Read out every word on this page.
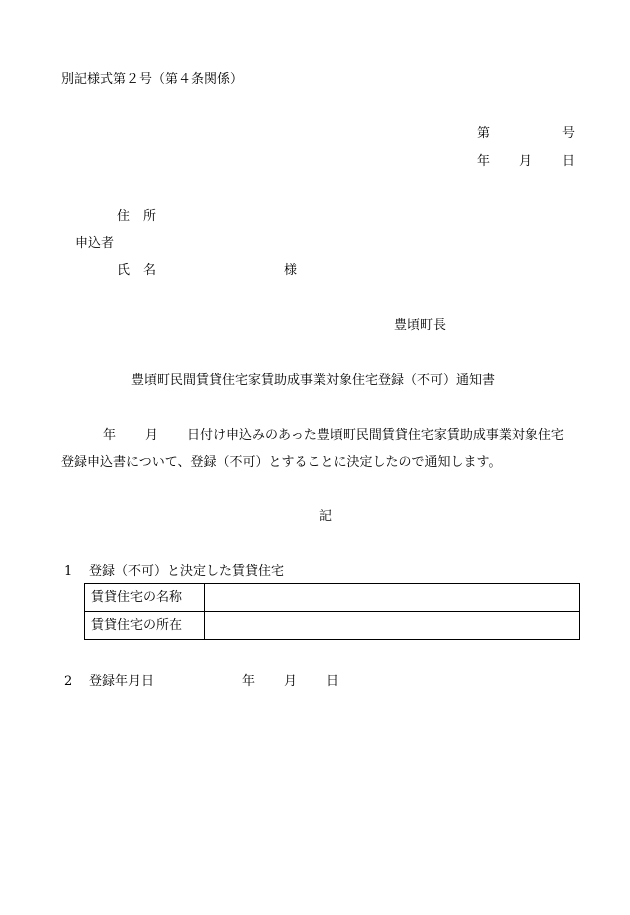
別記様式第２号（第４条関係）
第	号
年 月 日
住　所
申込者
氏　名	様
豊頃町長
豊頃町民間賃貸住宅家賃助成事業対象住宅登録（不可）通知書
年 月 日付け申込みのあった豊頃町民間賃貸住宅家賃助成事業対象住宅
登録申込書について、登録（不可）とすることに決定したので通知します。
記
1 登録（不可）と決定した賃貸住宅
賃貸住宅の名称	
賃貸住宅の所在	
2 登録年月日	年 月 日
